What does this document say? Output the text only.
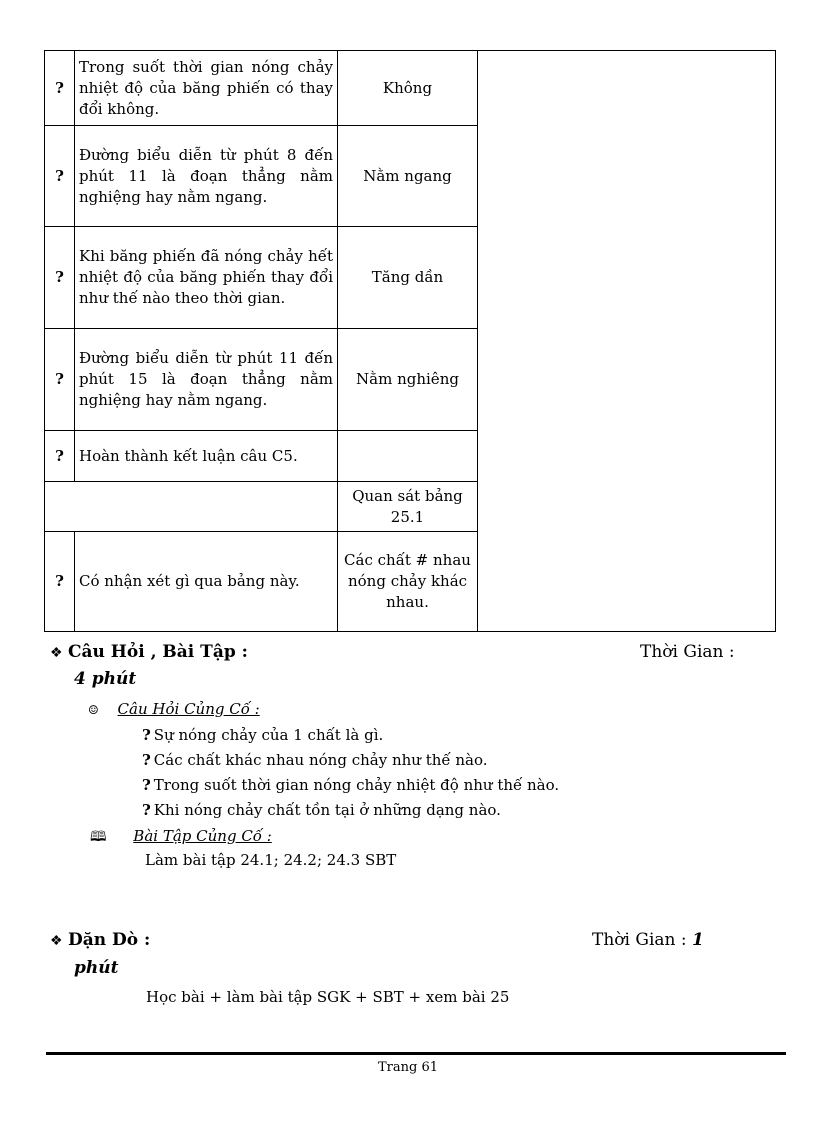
?	Trong suốt thời gian nóng chảy nhiệt độ của băng phiến có thay đổi không.	Không	
?	Đường biểu diễn từ phút 8 đến phút 11 là đoạn thẳng nằm nghiệng hay nằm ngang.	Nằm ngang	
?	Khi băng phiến đã nóng chảy hết nhiệt độ của băng phiến thay đổi như thế nào theo thời gian.	Tăng dần	
?	Đường biểu diễn từ phút 11 đến phút 15 là đoạn thẳng nằm nghiệng hay nằm ngang.	Nằm nghiêng	
?	Hoàn thành kết luận câu C5.		
		Quan sát bảng 25.1	
?	Có nhận xét gì qua bảng này.	Các chất # nhau nóng chảy khác nhau.	
❖ Câu Hỏi , Bài Tập :	Thời Gian :
4 phút
☺ Câu Hỏi Củng Cố :
? Sự nóng chảy của 1 chất là gì.
? Các chất khác nhau nóng chảy như thế nào.
? Trong suốt thời gian nóng chảy nhiệt độ như thế nào.
? Khi nóng chảy chất tồn tại ở những dạng nào.
🕮 Bài Tập Củng Cố :
Làm bài tập 24.1; 24.2; 24.3 SBT
❖ Dặn Dò :	Thời Gian : 1
phút
Học bài + làm bài tập SGK + SBT + xem bài 25
Trang 61
